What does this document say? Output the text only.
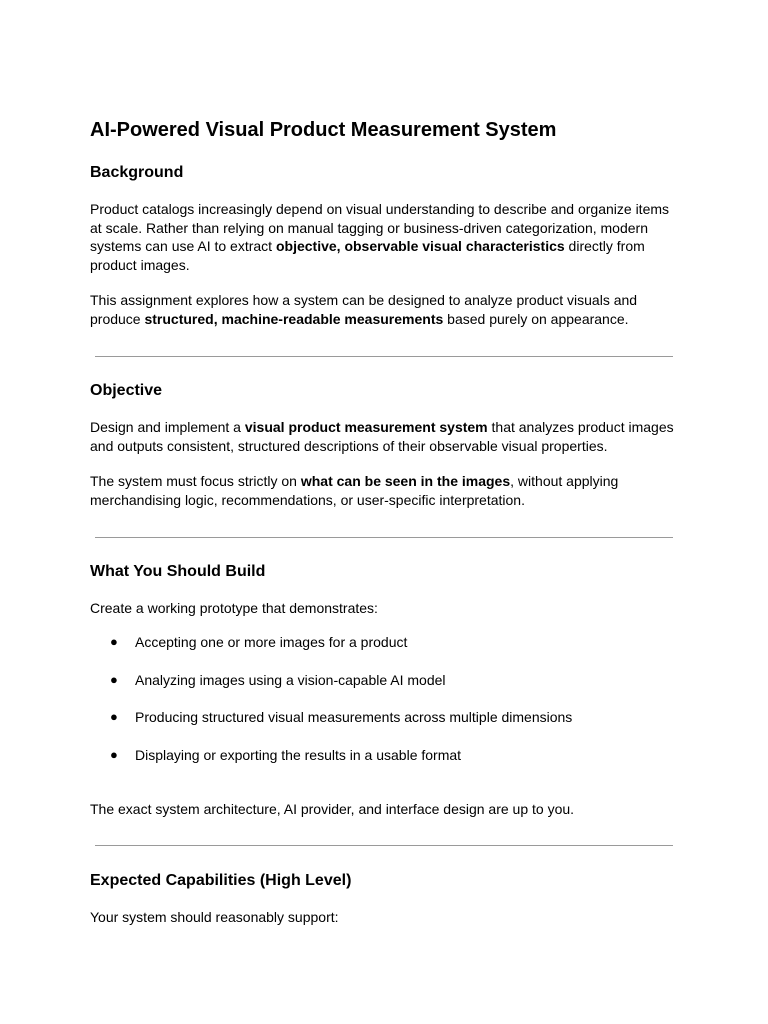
AI-Powered Visual Product Measurement System
Background

Product catalogs increasingly depend on visual understanding to describe and organize items at scale. Rather than relying on manual tagging or business-driven categorization, modern systems can use AI to extract objective, observable visual characteristics directly from product images.

This assignment explores how a system can be designed to analyze product visuals and produce structured, machine-readable measurements based purely on appearance.

Objective

Design and implement a visual product measurement system that analyzes product images and outputs consistent, structured descriptions of their observable visual properties.

The system must focus strictly on what can be seen in the images, without applying merchandising logic, recommendations, or user-specific interpretation.

What You Should Build

Create a working prototype that demonstrates:

● Accepting one or more images for a product
● Analyzing images using a vision-capable AI model
● Producing structured visual measurements across multiple dimensions
● Displaying or exporting the results in a usable format

The exact system architecture, AI provider, and interface design are up to you.

Expected Capabilities (High Level)

Your system should reasonably support:
